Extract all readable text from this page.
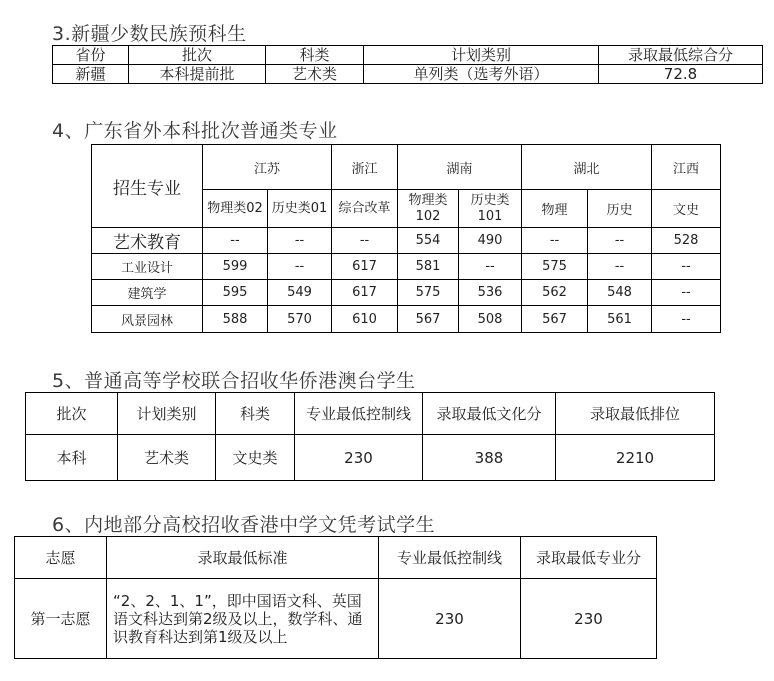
3.新疆少数民族预科生
省份	批次	科类	计划类别	录取最低综合分
新疆	本科提前批	艺术类	单列类（选考外语）	72.8
4、广东省外本科批次普通类专业
招生专业	江苏		浙江	湖南		湖北		江西
	物理类02	历史类01	综合改革	物理类102	历史类101	物理	历史	文史
艺术教育	--	--	--	554	490	--	--	528
工业设计	599	--	617	581	--	575	--	--
建筑学	595	549	617	575	536	562	548	--
风景园林	588	570	610	567	508	567	561	--
5、普通高等学校联合招收华侨港澳台学生
批次	计划类别	科类	专业最低控制线	录取最低文化分	录取最低排位
本科	艺术类	文史类	230	388	2210
6、内地部分高校招收香港中学文凭考试学生
志愿	录取最低标准	专业最低控制线	录取最低专业分
第一志愿	“2、2、1、1”，即中国语文科、英国语文科达到第2级及以上，数学科、通识教育科达到第1级及以上	230	230
